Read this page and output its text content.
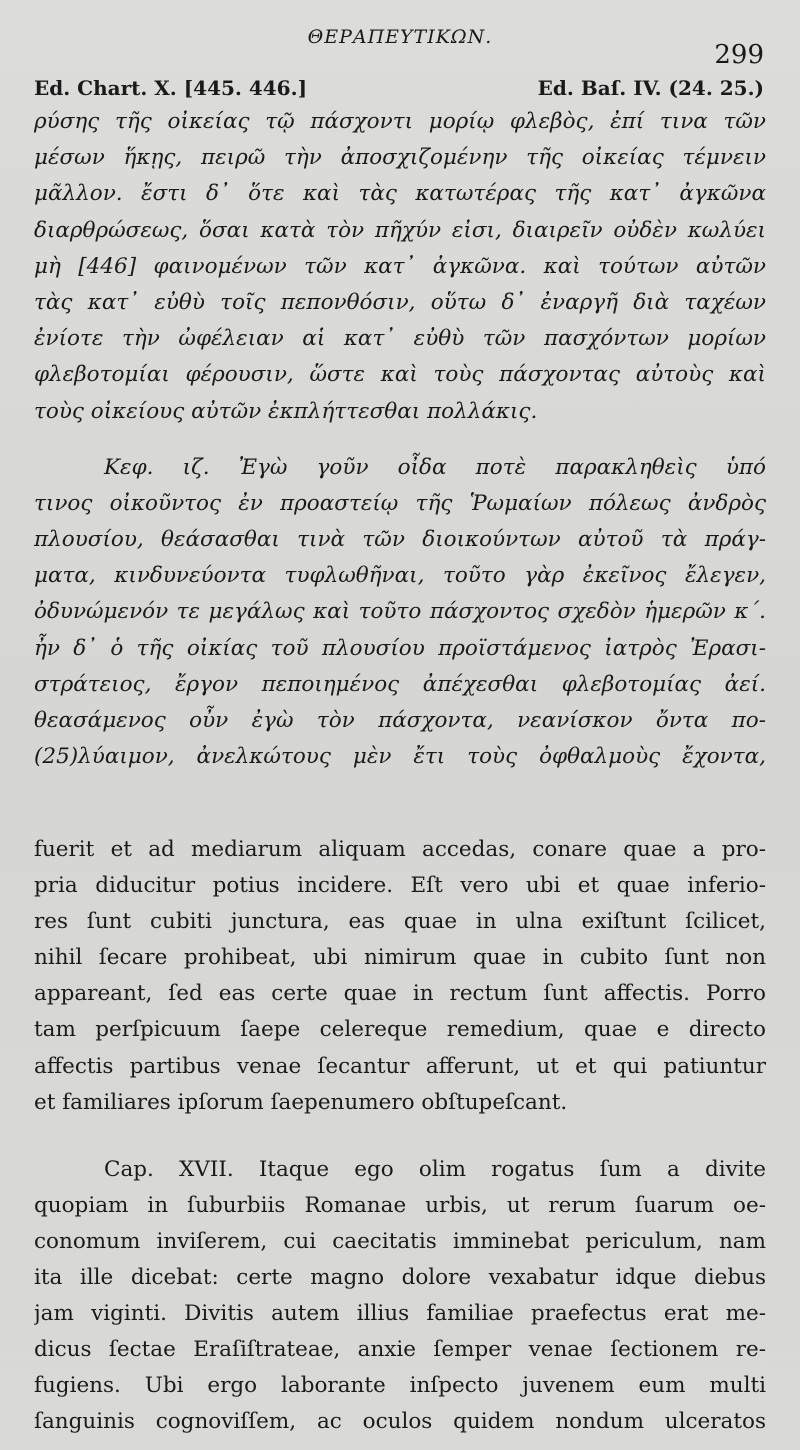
ΘΕΡΑΠΕΥΤΙΚΩΝ.
299
Ed. Chart. X. [445. 446.]	Ed. Baſ. IV. (24. 25.)
ρύσης τῆς οἰκείας τῷ πάσχοντι μορίῳ φλεβὸς, ἐπί τινα τῶν
μέσων ἥκῃς, πειρῶ τὴν ἀποσχιζομένην τῆς οἰκείας τέμνειν
μᾶλλον. ἔστι δ᾽ ὅτε καὶ τὰς κατωτέρας τῆς κατ᾽ ἀγκῶνα
διαρθρώσεως, ὅσαι κατὰ τὸν πῆχύν εἰσι, διαιρεῖν οὐδὲν κωλύει
μὴ [446] φαινομένων τῶν κατ᾽ ἀγκῶνα. καὶ τούτων αὐτῶν
τὰς κατ᾽ εὐθὺ τοῖς πεπονθόσιν, οὕτω δ᾽ ἐναργῆ διὰ ταχέων
ἐνίοτε τὴν ὠφέλειαν αἱ κατ᾽ εὐθὺ τῶν πασχόντων μορίων
φλεβοτομίαι φέρουσιν, ὥστε καὶ τοὺς πάσχοντας αὐτοὺς καὶ
τοὺς οἰκείους αὐτῶν ἐκπλήττεσθαι πολλάκις.
Κεφ. ιζ. Ἐγὼ γοῦν οἶδα ποτὲ παρακληθεὶς ὑπό
τινος οἰκοῦντος ἐν προαστείῳ τῆς Ῥωμαίων πόλεως ἀνδρὸς
πλουσίου, θεάσασθαι τινὰ τῶν διοικούντων αὐτοῦ τὰ πράγ-
ματα, κινδυνεύοντα τυφλωθῆναι, τοῦτο γὰρ ἐκεῖνος ἔλεγεν,
ὀδυνώμενόν τε μεγάλως καὶ τοῦτο πάσχοντος σχεδὸν ἡμερῶν κ΄.
ἦν δ᾽ ὁ τῆς οἰκίας τοῦ πλουσίου προϊστάμενος ἰατρὸς Ἐρασι-
στράτειος, ἔργον πεποιημένος ἀπέχεσθαι φλεβοτομίας ἀεί.
θεασάμενος οὖν ἐγὼ τὸν πάσχοντα, νεανίσκον ὄντα πο-
(25)λύαιμον, ἀνελκώτους μὲν ἔτι τοὺς ὀφθαλμοὺς ἔχοντα,
fuerit et ad mediarum aliquam accedas, conare quae a pro-
pria diducitur potius incidere. Eſt vero ubi et quae inferio-
res ſunt cubiti junctura, eas quae in ulna exiſtunt ſcilicet,
nihil ſecare prohibeat, ubi nimirum quae in cubito ſunt non
appareant, ſed eas certe quae in rectum ſunt affectis. Porro
tam perſpicuum ſaepe celereque remedium, quae e directo
affectis partibus venae ſecantur afferunt, ut et qui patiuntur
et familiares ipſorum ſaepenumero obſtupeſcant.
Cap. XVII. Itaque ego olim rogatus ſum a divite
quopiam in ſuburbiis Romanae urbis, ut rerum ſuarum oe-
conomum inviſerem, cui caecitatis imminebat periculum, nam
ita ille dicebat: certe magno dolore vexabatur idque diebus
jam viginti. Divitis autem illius familiae praefectus erat me-
dicus ſectae Eraſiſtrateae, anxie ſemper venae ſectionem re-
fugiens. Ubi ergo laborante inſpecto juvenem eum multi
ſanguinis cognoviſſem, ac oculos quidem nondum ulceratos
